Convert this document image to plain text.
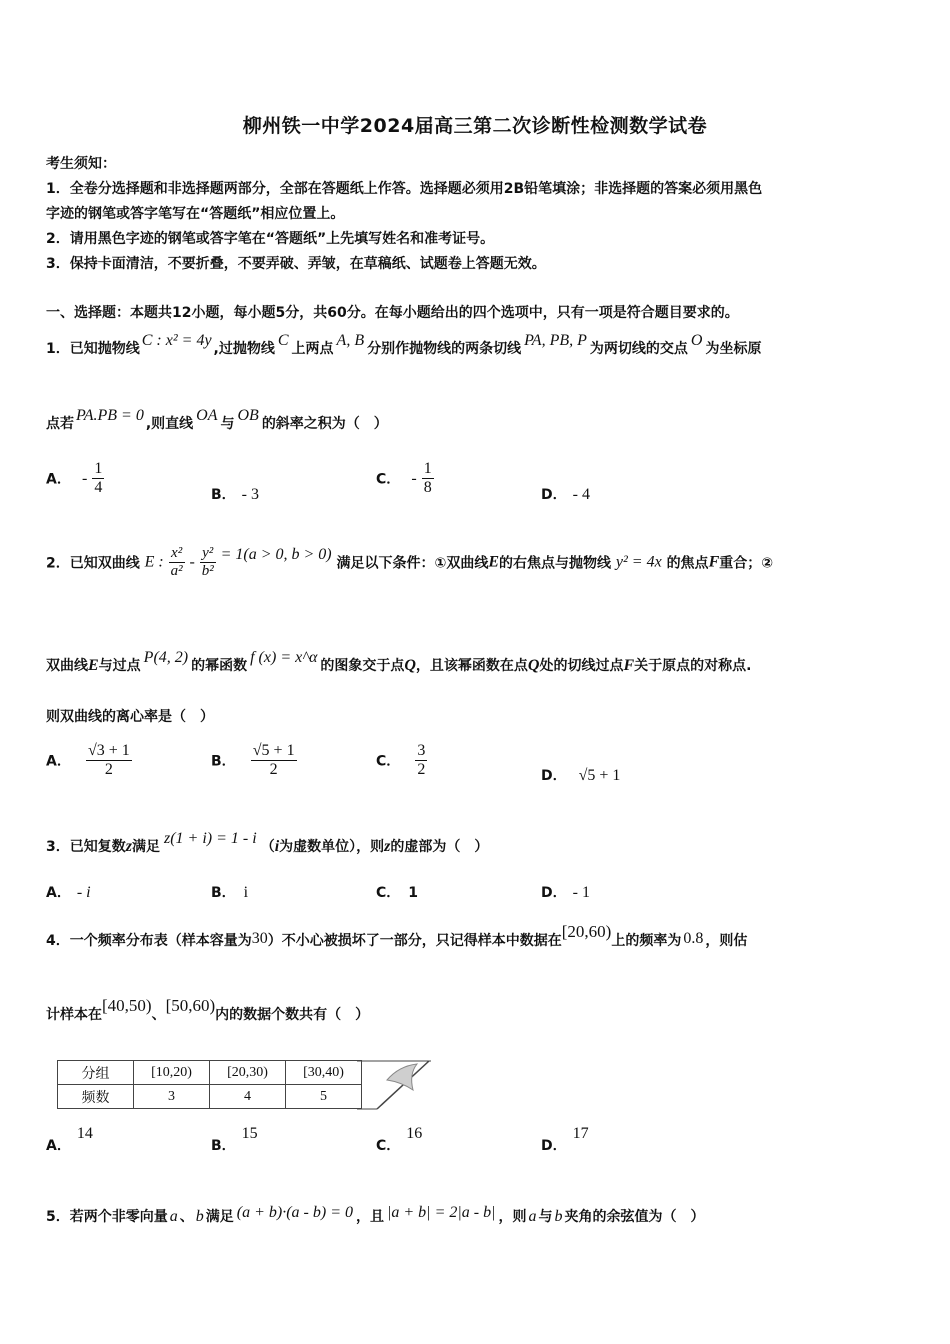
柳州铁一中学2024届高三第二次诊断性检测数学试卷
考生须知：
1．全卷分选择题和非选择题两部分，全部在答题纸上作答。选择题必须用2B铅笔填涂；非选择题的答案必须用黑色
字迹的钢笔或答字笔写在“答题纸”相应位置上。
2．请用黑色字迹的钢笔或答字笔在“答题纸”上先填写姓名和准考证号。
3．保持卡面清洁，不要折叠，不要弄破、弄皱，在草稿纸、试题卷上答题无效。
一、选择题：本题共12小题，每小题5分，共60分。在每小题给出的四个选项中，只有一项是符合题目要求的。
1．已知抛物线 C : x² = 4y ,过抛物线 C 上两点 A, B 分别作抛物线的两条切线 PA, PB, P 为两切线的交点 O 为坐标原
点若 PA.PB = 0 ,则直线 OA 与 OB 的斜率之积为（　）
A． - $\frac{1}{4}$	B． - 3
C． - $\frac{1}{8}$	D． - 4
2．已知双曲线 E : $\frac{\text{x²}}{\text{a²}} - \frac{\text{y²}}{\text{b²}} = 1(a > 0$, b > 0) 满足以下条件：①双曲线E的右焦点与抛物线 y² = 4x 的焦点F重合；②
双曲线E与过点 P(4, 2) 的幂函数 f (x) = x^α 的图象交于点Q，且该幂函数在点Q处的切线过点F关于原点的对称点.
则双曲线的离心率是（　）
A． $\frac{√3 + 1}{2}$	B． $\frac{√5 + 1}{2}$	C． $\frac{3}{2}$	D． √5 + 1
3．已知复数z满足 z(1 + i) = 1 - i （i为虚数单位），则z的虚部为（　）
A． - i	B． i	C． 1	D． - 1
4．一个频率分布表（样本容量为30）不小心被损坏了一部分，只记得样本中数据在[20,60)上的频率为 0.8 ，则估
计样本在[40,50)、[50,60)内的数据个数共有（　）
分组	[10,20)	[20,30)	[30,40)
频数	3	4	5
A．14
B．15
C．16
D．17
5．若两个非零向量 a 、 b 满足 (a + b)·(a - b) = 0 ，且 |a + b| = 2|a - b| ，则 a 与 b 夹角的余弦值为（　）
